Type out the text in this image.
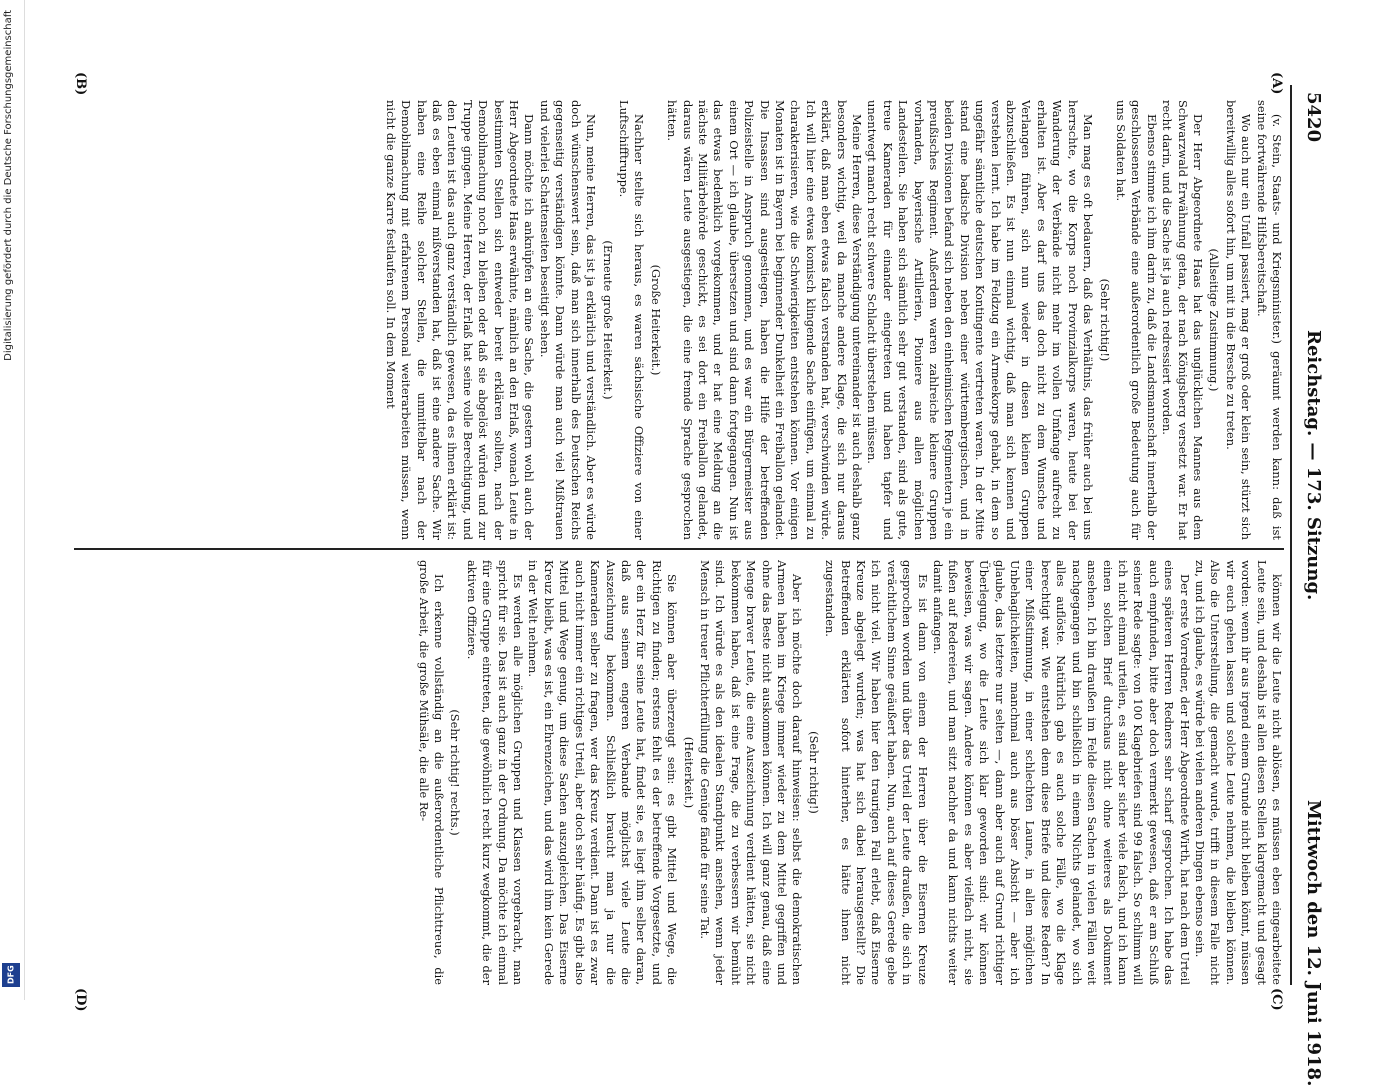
Digitalisierung gefördert durch die Deutsche Forschungsgemeinschaft
DFG
5420
Reichstag. — 173. Sitzung.
Mittwoch den 12. Juni 1918.
(A)
(B)
(C)
(D)

(v. Stein, Staats- und Kriegsminister.) geräumt werden kann: daß ist seine fortwährende Hilfsbereitschaft.

Wo auch nur ein Unfall passiert, mag er groß oder klein sein, stürzt sich bereitwillig alles sofort hin, um mit in die Bresche zu treten.

(Allseitige Zustimmung.)

Der Herr Abgeordnete Haas hat das unglücklichen Mannes aus dem Schwarzwald Erwähnung getan, der nach Königsberg versetzt war. Er hat recht darin, und die Sache ist ja auch redressiert worden.

Ebenso stimme ich ihm darin zu, daß die Landsmannschaft innerhalb der geschlossenen Verbände eine außerordentlich große Bedeutung auch für uns Soldaten hat.

(Sehr richtig!)

Man mag es oft bedauern, daß das Verhältnis, das früher auch bei uns herrschte, wo die Korps noch Provinzialkorps waren, heute bei der Wanderung der Verbände nicht mehr im vollen Umfange aufrecht zu erhalten ist. Aber es darf uns das doch nicht zu dem Wunsche und Verlangen führen, sich nun wieder in diesen kleinen Gruppen abzuschließen. Es ist nun einmal wichtig, daß man sich kennen und verstehen lernt. Ich habe im Feldzug ein Armeekorps gehabt, in dem so ungefähr sämtliche deutschen Kontingente vertreten waren. In der Mitte stand eine badische Division neben einer württembergischen, und in beiden Divisionen befand sich neben den einheimischen Regimentern je ein preußisches Regiment. Außerdem waren zahlreiche kleinere Gruppen vorhanden, bayerische Artillerien, Pioniere aus allen möglichen Landesteilen. Sie haben sich sämtlich sehr gut verstanden, sind als gute, treue Kameraden für einander eingetreten und haben tapfer und unentwegt manch recht schwere Schlacht überstehen müssen.

Meine Herren, diese Verständigung untereinander ist auch deshalb ganz besonders wichtig, weil da manche andere Klage, die sich nur daraus erklärt, daß man eben etwas falsch verstanden hat, verschwinden würde. Ich will hier eine etwas komisch klingende Sache einfügen, um einmal zu charakterisieren, wie die Schwierigkeiten entstehen können. Vor einigen Monaten ist in Bayern bei beginnender Dunkelheit ein Freiballon gelandet. Die Insassen sind ausgestiegen, haben die Hilfe der betreffenden Polizeistelle in Anspruch genommen, und es war ein Bürgermeister aus einem Ort — ich glaube, übersetzen und sind dann fortgegangen. Nun ist das etwas bedenklich vorgekommen, und er hat eine Meldung an die nächste Militärbehörde geschickt, es sei dort ein Freiballon gelandet, daraus wären Leute ausgestiegen, die eine fremde Sprache gesprochen hätten.

(Große Heiterkeit.)

Nachher stellte sich heraus, es waren sächsische Offiziere von einer Luftschifftruppe.

(Erneute große Heiterkeit.)

Nun, meine Herren, das ist ja erklärlich und verständlich. Aber es würde doch wünschenswert sein, daß man sich innerhalb des Deutschen Reichs gegenseitig verständigen könnte. Dann würde man auch viel Mißtrauen und vielerlei Schattenseiten beseitigt sehen.

Dann möchte ich anknüpfen an eine Sache, die gestern wohl auch der Herr Abgeordnete Haas erwähnte, nämlich an den Erlaß, wonach Leute in bestimmten Stellen sich entweder bereit erklären sollten, nach der Demobilmachung noch zu bleiben oder daß sie abgelöst würden und zur Truppe gingen. Meine Herren, der Erlaß hat seine volle Berechtigung, und den Leuten ist das auch ganz verständlich gewesen, da es ihnen erklärt ist: daß es eben einmal mißverstanden hat, daß ist eine andere Sache. Wir haben eine Reihe solcher Stellen, die unmittelbar nach der Demobilmachung mit erfahrenem Personal weiterarbeiten müssen, wenn nicht die ganze Karre festlaufen soll. In dem Moment

können wir die Leute nicht ablösen, es müssen eben eingearbeitete Leute sein, und deshalb ist allen diesen Stellen klargemacht und gesagt worden: wenn ihr aus irgend einem Grunde nicht bleiben könnt, müssen wir euch gehen lassen und solche Leute nehmen, die bleiben können. Also die Unterstellung, die gemacht wurde, trifft in diesem Falle nicht zu, und ich glaube, es würde bei vielen anderen Dingen ebenso sein.

Der erste Vorredner, der Herr Abgeordnete Wirth, hat nach dem Urteil eines späteren Herren Redners sehr scharf gesprochen. Ich habe das auch empfunden, bitte aber doch vermerkt gewesen, daß er am Schluß seiner Rede sagte: von 100 Klagebriefen sind 99 falsch. So schlimm will ich nicht einmal urteilen, es sind aber sicher viele falsch, und ich kann einen solchen Brief durchaus nicht ohne weiteres als Dokument ansehen. Ich bin draußen im Felde diesen Sachen in vielen Fällen weit nachgegangen und bin schließlich in einem Nichts gelandet, wo sich alles auflöste. Natürlich gab es auch solche Fälle, wo die Klage berechtigt war. Wie entstehen denn diese Briefe und diese Reden? In einer Mißstimmung, in einer schlechten Laune, in allen möglichen Unbehaglichkeiten, manchmal auch aus böser Absicht — aber ich glaube, das letztere nur selten —, dann aber auch auf Grund richtiger Überlegung, wo die Leute sich klar geworden sind: wir können beweisen, was wir sagen. Andere können es aber vielfach nicht, sie fußen auf Redereien, und man sitzt nachher da und kann nichts weiter damit anfangen.

Es ist dann von einem der Herren über die Eisernen Kreuze gesprochen worden und über das Urteil der Leute draußen, die sich in verächtlichem Sinne geäußert haben. Nun, auch auf dieses Gerede gebe ich nicht viel. Wir haben hier den traurigen Fall erlebt, daß Eiserne Kreuze abgelegt wurden; was hat sich dabei herausgestellt? Die Betreffenden erklärten sofort hinterher, es hätte ihnen nicht zugestanden.

(Sehr richtig!)

Aber ich möchte doch darauf hinweisen: selbst die demokratischen Armeen haben im Kriege immer wieder zu dem Mittel gegriffen und ohne das Beste nicht auskommen können. Ich will ganz genau, daß eine Menge braver Leute, die eine Auszeichnung verdient hätten, sie nicht bekommen haben, daß ist eine Frage, die zu verbessern wir bemüht sind. Ich würde es als den idealen Standpunkt ansehen, wenn jeder Mensch in treuer Pflichterfüllung die Genüge fände für seine Tat.

(Heiterkeit.)

Sie können aber überzeugt sein: es gibt Mittel und Wege, die Richtigen zu finden; erstens fehlt es der betreffende Vorgesetzte, und der ein Herz für seine Leute hat, findet sie, es liegt ihm selber daran, daß aus seinem engeren Verbande möglichst viele Leute die Auszeichnung bekommen. Schließlich braucht man ja nur die Kameraden selber zu fragen, wer das Kreuz verdient. Dann ist es zwar auch nicht immer ein richtiges Urteil, aber doch sehr häufig. Es gibt also Mittel und Wege genug, um diese Sachen auszugleichen. Das Eiserne Kreuz bleibt, was es ist, ein Ehrenzeichen, und das wird ihm kein Gerede in der Welt nehmen.

Es werden alle möglichen Gruppen und Klassen vorgebracht, man spricht für sie. Das ist auch ganz in der Ordnung. Da möchte ich einmal für eine Gruppe eintreten, die gewöhnlich recht kurz wegkommt, die der aktiven Offiziere.

(Sehr richtig! rechts.)

Ich erkenne vollständig an die außerordentliche Pflichttreue, die große Arbeit, die große Mühsäle, die alle Re-
